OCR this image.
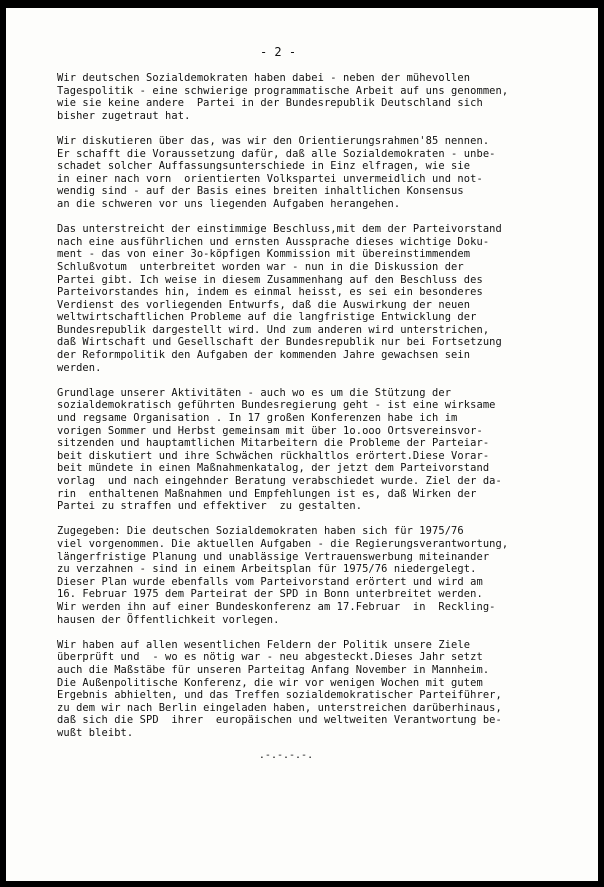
- 2 -
Wir deutschen Sozialdemokraten haben dabei - neben der mühevollen
Tagespolitik - eine schwierige programmatische Arbeit auf uns genommen,
wie sie keine andere  Partei in der Bundesrepublik Deutschland sich
bisher zugetraut hat.
Wir diskutieren über das, was wir den Orientierungsrahmen'85 nennen.
Er schafft die Voraussetzung dafür, daß alle Sozialdemokraten - unbe-
schadet solcher Auffassungsunterschiede in Einz elfragen, wie sie
in einer nach vorn  orientierten Volkspartei unvermeidlich und not-
wendig sind - auf der Basis eines breiten inhaltlichen Konsensus
an die schweren vor uns liegenden Aufgaben herangehen.
Das unterstreicht der einstimmige Beschluss,mit dem der Parteivorstand
nach eine ausführlichen und ernsten Aussprache dieses wichtige Doku-
ment - das von einer 3o-köpfigen Kommission mit übereinstimmendem
Schlußvotum  unterbreitet worden war - nun in die Diskussion der
Partei gibt. Ich weise in diesem Zusammenhang auf den Beschluss des
Parteivorstandes hin, indem es einmal heisst, es sei ein besonderes
Verdienst des vorliegenden Entwurfs, daß die Auswirkung der neuen
weltwirtschaftlichen Probleme auf die langfristige Entwicklung der
Bundesrepublik dargestellt wird. Und zum anderen wird unterstrichen,
daß Wirtschaft und Gesellschaft der Bundesrepublik nur bei Fortsetzung
der Reformpolitik den Aufgaben der kommenden Jahre gewachsen sein
werden.
Grundlage unserer Aktivitäten - auch wo es um die Stützung der
sozialdemokratisch geführten Bundesregierung geht - ist eine wirksame
und regsame Organisation . In 17 großen Konferenzen habe ich im
vorigen Sommer und Herbst gemeinsam mit über 1o.ooo Ortsvereinsvor-
sitzenden und hauptamtlichen Mitarbeitern die Probleme der Parteiar-
beit diskutiert und ihre Schwächen rückhaltlos erörtert.Diese Vorar-
beit mündete in einen Maßnahmenkatalog, der jetzt dem Parteivorstand
vorlag  und nach eingehnder Beratung verabschiedet wurde. Ziel der da-
rin  enthaltenen Maßnahmen und Empfehlungen ist es, daß Wirken der
Partei zu straffen und effektiver  zu gestalten.
Zugegeben: Die deutschen Sozialdemokraten haben sich für 1975/76
viel vorgenommen. Die aktuellen Aufgaben - die Regierungsverantwortung,
längerfristige Planung und unablässige Vertrauenswerbung miteinander
zu verzahnen - sind in einem Arbeitsplan für 1975/76 niedergelegt.
Dieser Plan wurde ebenfalls vom Parteivorstand erörtert und wird am
16. Februar 1975 dem Parteirat der SPD in Bonn unterbreitet werden.
Wir werden ihn auf einer Bundeskonferenz am 17.Februar  in  Reckling-
hausen der Öffentlichkeit vorlegen.
Wir haben auf allen wesentlichen Feldern der Politik unsere Ziele
überprüft und  - wo es nötig war - neu abgesteckt.Dieses Jahr setzt
auch die Maßstäbe für unseren Parteitag Anfang November in Mannheim.
Die Außenpolitische Konferenz, die wir vor wenigen Wochen mit gutem
Ergebnis abhielten, und das Treffen sozialdemokratischer Parteiführer,
zu dem wir nach Berlin eingeladen haben, unterstreichen darüberhinaus,
daß sich die SPD  ihrer  europäischen und weltweiten Verantwortung be-
wußt bleibt.
.-.-.-.-.
